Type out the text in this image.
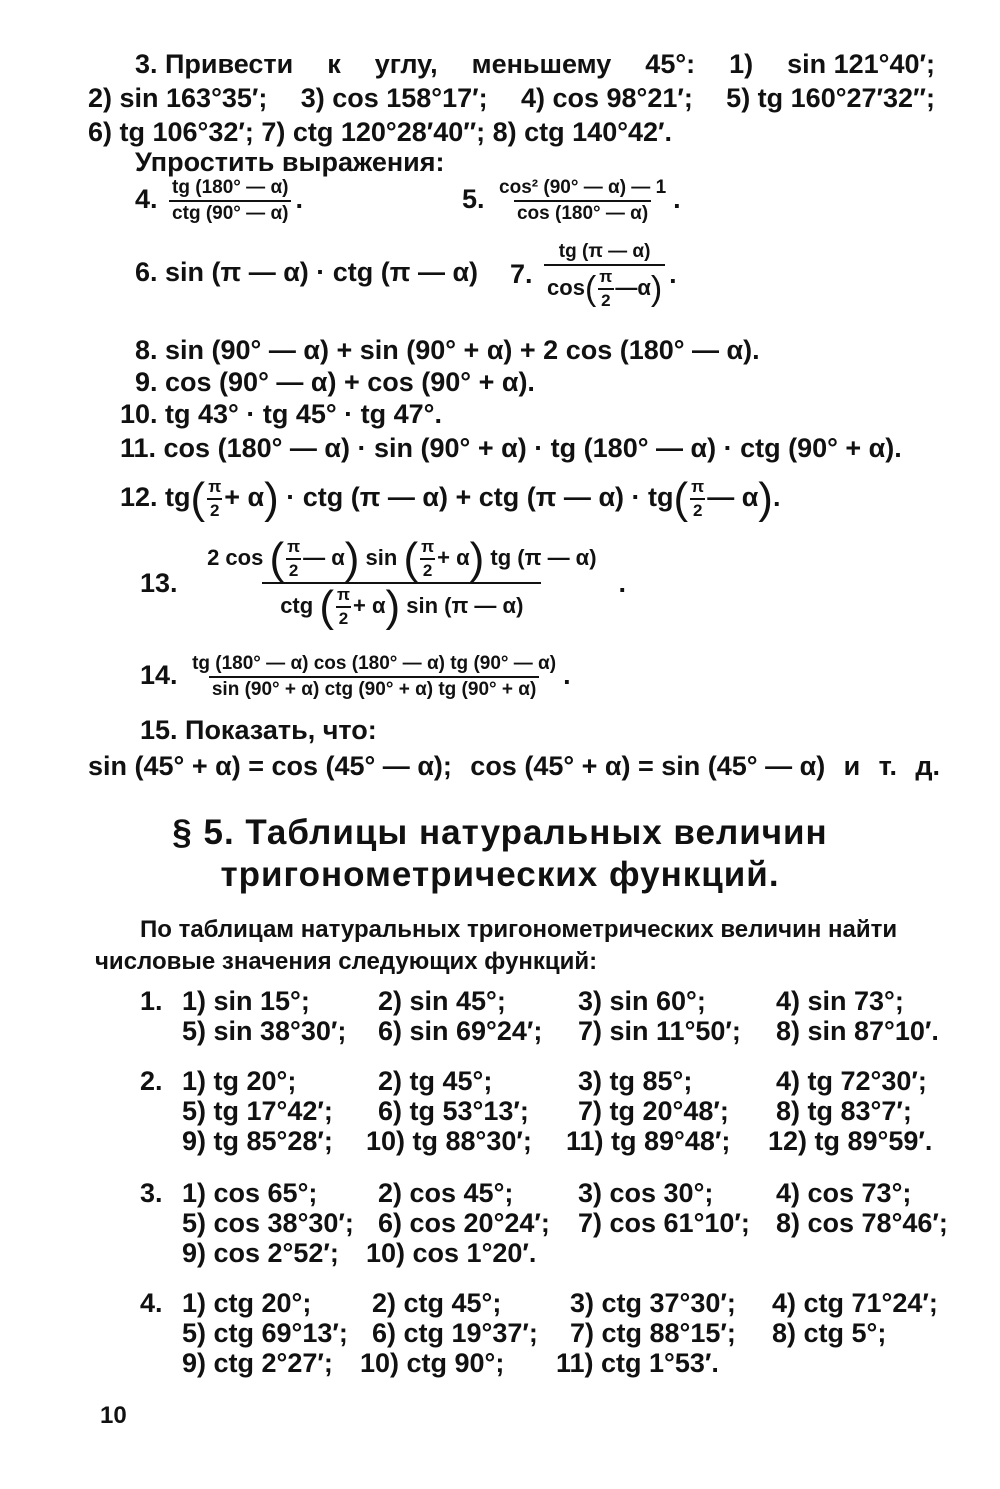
3. Привести к углу, меньшему 45°: 1) sin 121°40′;
2) sin 163°35′; 3) cos 158°17′; 4) cos 98°21′; 5) tg 160°27′32″;
6) tg 106°32′; 7) ctg 120°28′40″; 8) ctg 140°42′.
Упростить выражения:
4. $\frac{tg (180^\circ — \alpha)}{\text{ctg (90° — α)}}$ .	5. $\frac{\text{cos² (90° — α) — 1}}{\cos (180^\circ — \alpha)}$ .
6. sin (π — α) · ctg (π — α) 7. $\frac{tg (\pi — \alpha)}{\cos( \frac{\pi}{2} —\alpha)}$ .
8. sin (90° — α) + sin (90° + α) + 2 cos (180° — α).
9. cos (90° — α) + cos (90° + α).
10. tg 43° · tg 45° · tg 47°.
11. cos (180° — α) · sin (90° + α) · tg (180° — α) · ctg (90° + α).
12. $tg( \frac{\pi}{2} + \alpha)$ · ctg (π — α) + ctg (π — $\alpha) \cdot tg( \frac{\pi}{2}$ — α).
13.
2 cos ( $\frac{\pi}{2}$ — α) sin ( $\frac{\pi}{2} + \alpha$) tg (π — α)
ctg ( $\frac{\pi}{2} + \alpha$) sin (π — α)
.
14. $\frac{tg (180^\circ — \alpha) \cos (180^\circ — \alpha) tg (90^\circ — \alpha)}{\text{sin (90° + α) ctg (90° + α) tg (90° + α)}}$ .
15. Показать, что:
sin (45° + α) = cos (45° — α); cos (45° + α) = sin (45° — α) и т. д.
§ 5. Таблицы натуральных величин
тригонометрических функций.
По таблицам натуральных тригонометрических величин найти
числовые значения следующих функций:
1. 1) sin 15°;	2) sin 45°;	3) sin 60°;	4) sin 73°;
5) sin 38°30′; 6) sin 69°24′; 7) sin 11°50′; 8) sin 87°10′.
2. 1) tg 20°;	2) tg 45°;	3) tg 85°;	4) tg 72°30′;
5) tg 17°42′; 6) tg 53°13′; 7) tg 20°48′; 8) tg 83°7′;
9) tg 85°28′; 10) tg 88°30′; 11) tg 89°48′; 12) tg 89°59′.
3. 1) cos 65°; 2) cos 45°; 3) cos 30°; 4) cos 73°;
5) cos 38°30′; 6) cos 20°24′; 7) cos 61°10′; 8) cos 78°46′;
9) cos 2°52′; 10) cos 1°20′.
4. 1) ctg 20°; 2) ctg 45°;	3) ctg 37°30′; 4) ctg 71°24′;
5) ctg 69°13′; 6) ctg 19°37′; 7) ctg 88°15′; 8) ctg 5°;
9) ctg 2°27′; 10) ctg 90°; 11) ctg 1°53′.
10
